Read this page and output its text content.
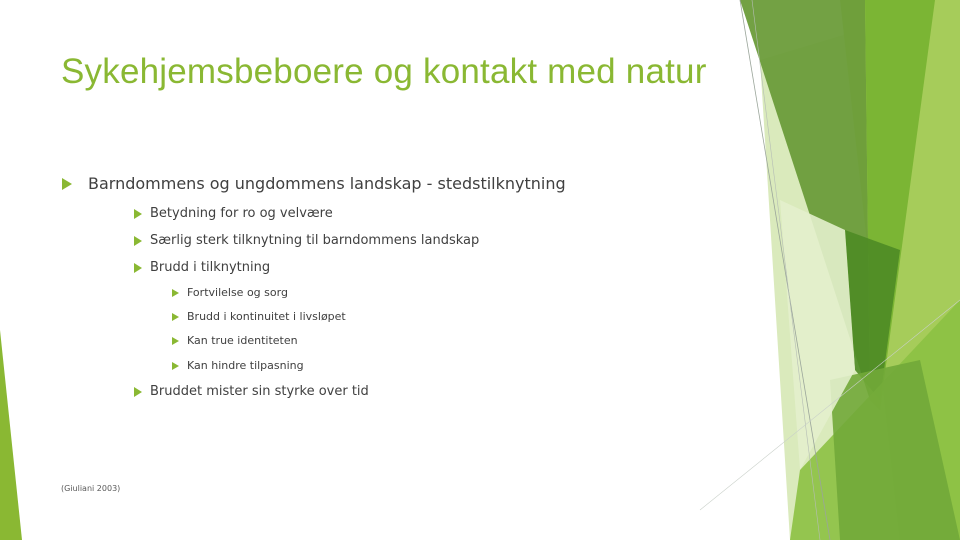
Sykehjemsbeboere og kontakt med natur
Barndommens og ungdommens landskap - stedstilknytning
Betydning for ro og velvære
Særlig sterk tilknytning til barndommens landskap
Brudd i tilknytning
Fortvilelse og sorg
Brudd i kontinuitet i livsløpet
Kan true identiteten
Kan hindre tilpasning
Bruddet mister sin styrke over tid
(Giuliani 2003)
